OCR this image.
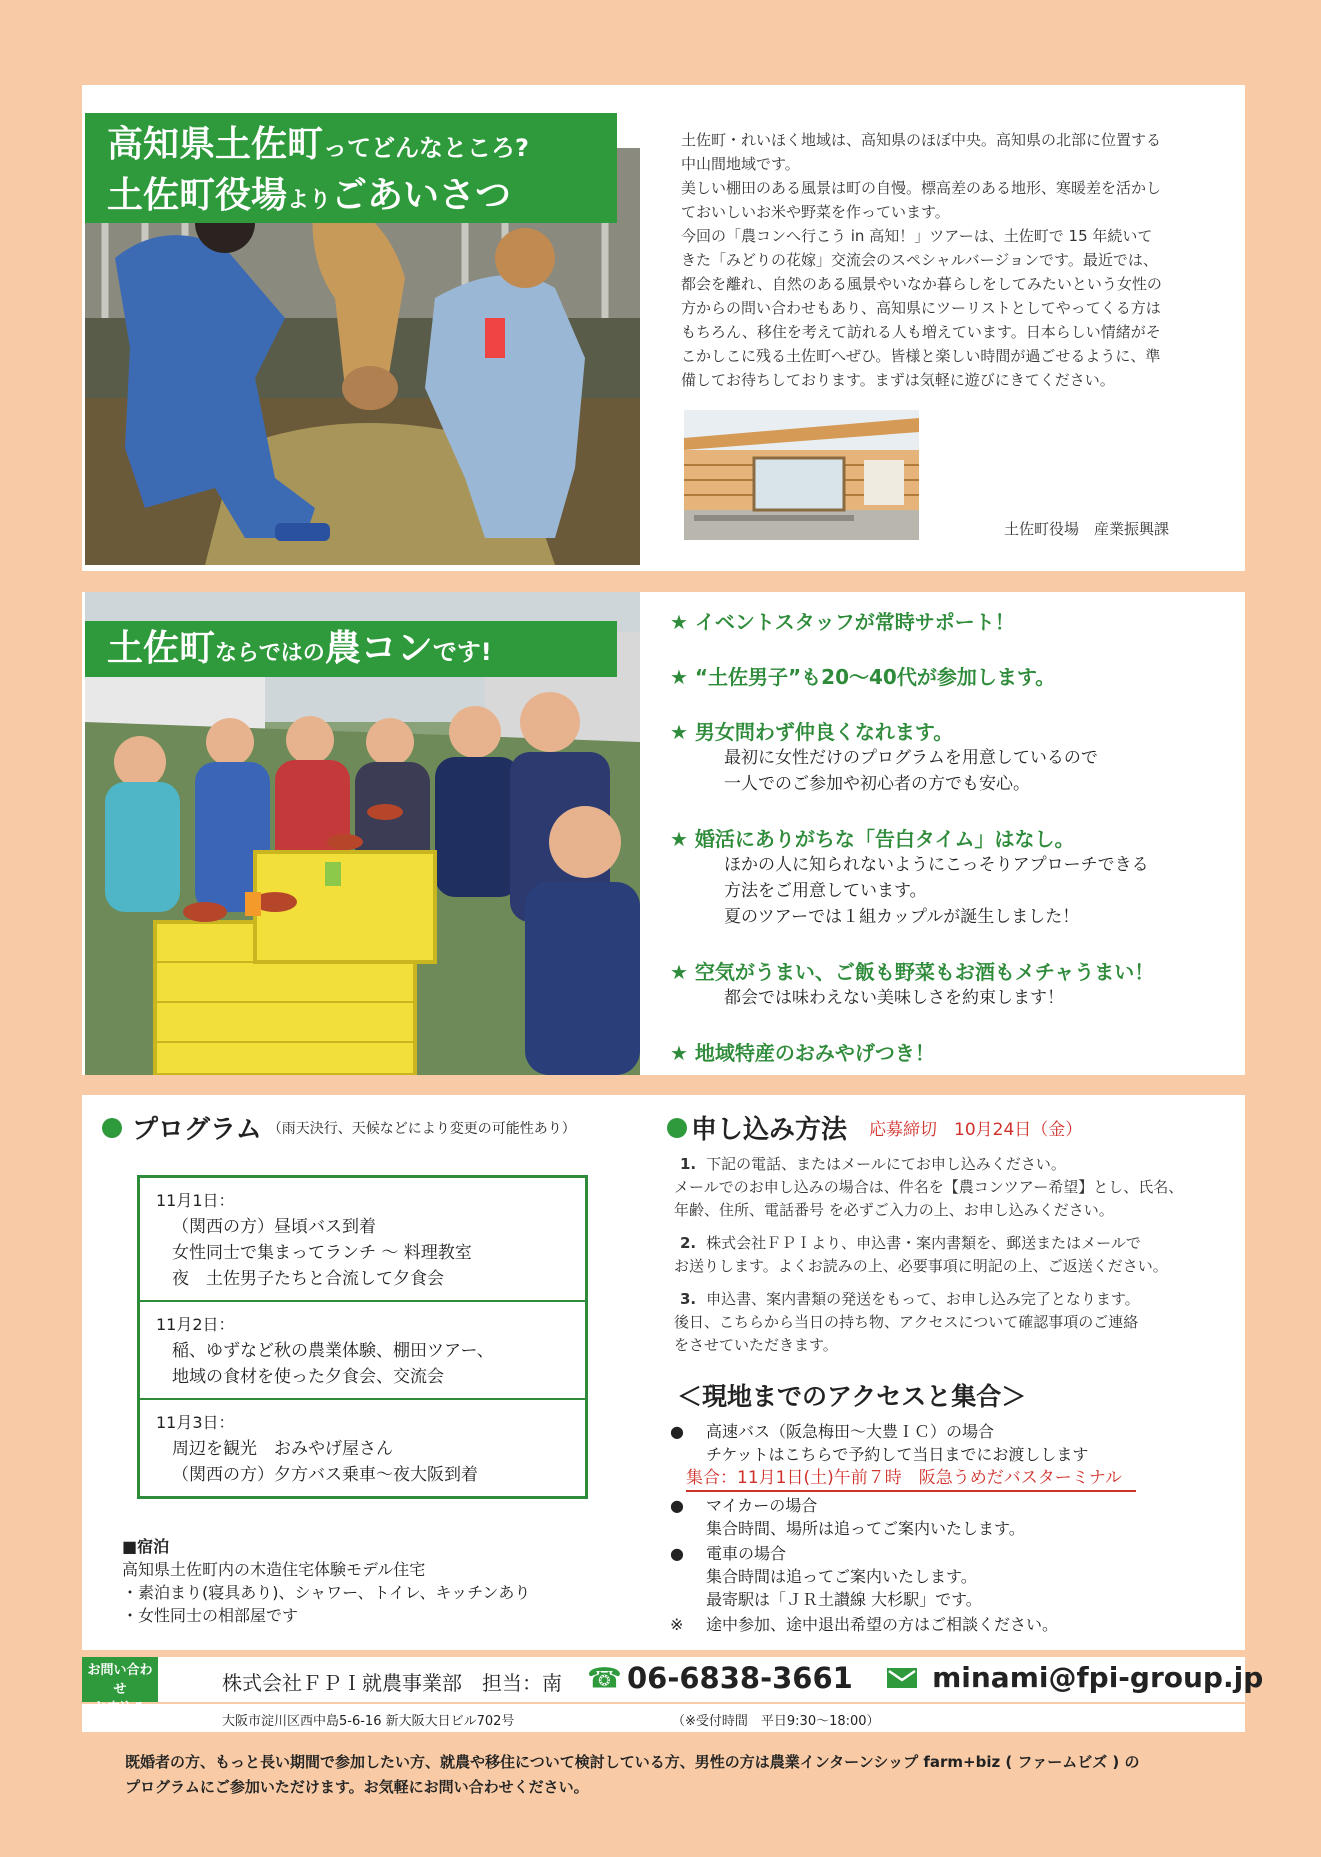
高知県土佐町ってどんなところ?
土佐町役場よりごあいさつ
土佐町・れいほく地域は、高知県のほぼ中央。高知県の北部に位置する
中山間地域です。
美しい棚田のある風景は町の自慢。標高差のある地形、寒暖差を活かし
ておいしいお米や野菜を作っています。
今回の「農コンへ行こう in 高知！」ツアーは、土佐町で 15 年続いて
きた「みどりの花嫁」交流会のスペシャルバージョンです。最近では、
都会を離れ、自然のある風景やいなか暮らしをしてみたいという女性の
方からの問い合わせもあり、高知県にツーリストとしてやってくる方は
もちろん、移住を考えて訪れる人も増えています。日本らしい情緒がそ
こかしこに残る土佐町へぜひ。皆様と楽しい時間が過ごせるように、準
備してお待ちしております。まずは気軽に遊びにきてください。
土佐町役場　産業振興課
土佐町ならではの農コンです!
★ イベントスタッフが常時サポート！
★ “土佐男子”も20～40代が参加します。
★ 男女問わず仲良くなれます。
最初に女性だけのプログラムを用意しているので
一人でのご参加や初心者の方でも安心。
★ 婚活にありがちな「告白タイム」はなし。
ほかの人に知られないようにこっそりアプローチできる
方法をご用意しています。
夏のツアーでは１組カップルが誕生しました！
★ 空気がうまい、ご飯も野菜もお酒もメチャうまい！
都会では味わえない美味しさを約束します！
★ 地域特産のおみやげつき！
プログラム （雨天決行、天候などにより変更の可能性あり）
11月1日：
（関西の方）昼頃バス到着
女性同士で集まってランチ ～ 料理教室
夜　土佐男子たちと合流して夕食会
11月2日：
稲、ゆずなど秋の農業体験、棚田ツアー、
地域の食材を使った夕食会、交流会
11月3日：
周辺を観光　おみやげ屋さん
（関西の方）夕方バス乗車～夜大阪到着
■宿泊
高知県土佐町内の木造住宅体験モデル住宅
・素泊まり(寝具あり)、シャワー、トイレ、キッチンあり
・女性同士の相部屋です
申し込み方法 応募締切　10月24日（金）
1. 下記の電話、またはメールにてお申し込みください。
メールでのお申し込みの場合は、件名を【農コンツアー希望】とし、氏名、
年齢、住所、電話番号 を必ずご入力の上、お申し込みください。
2. 株式会社ＦＰＩより、申込書・案内書類を、郵送またはメールで
お送りします。よくお読みの上、必要事項に明記の上、ご返送ください。
3. 申込書、案内書類の発送をもって、お申し込み完了となります。
後日、こちらから当日の持ち物、アクセスについて確認事項のご連絡
をさせていただきます。
＜現地までのアクセスと集合＞
● 高速バス（阪急梅田～大豊ＩＣ）の場合
チケットはこちらで予約して当日までにお渡しします
集合：11月1日(土)午前７時　阪急うめだバスターミナル
● マイカーの場合
集合時間、場所は追ってご案内いたします。
● 電車の場合
集合時間は追ってご案内いたします。
最寄駅は「ＪＲ土讃線 大杉駅」です。
※ 途中参加、途中退出希望の方はご相談ください。
お問い合わせ	株式会社ＦＰＩ就農事業部　担当：南 ☎ 06-6838-3661	minami@fpi-group.jp
大阪市淀川区西中島5-6-16 新大阪大日ビル702号	（※受付時間　平日9:30～18:00）
既婚者の方、もっと長い期間で参加したい方、就農や移住について検討している方、男性の方は農業インターンシップ farm+biz ( ファームビズ ) の
プログラムにご参加いただけます。お気軽にお問い合わせください。
